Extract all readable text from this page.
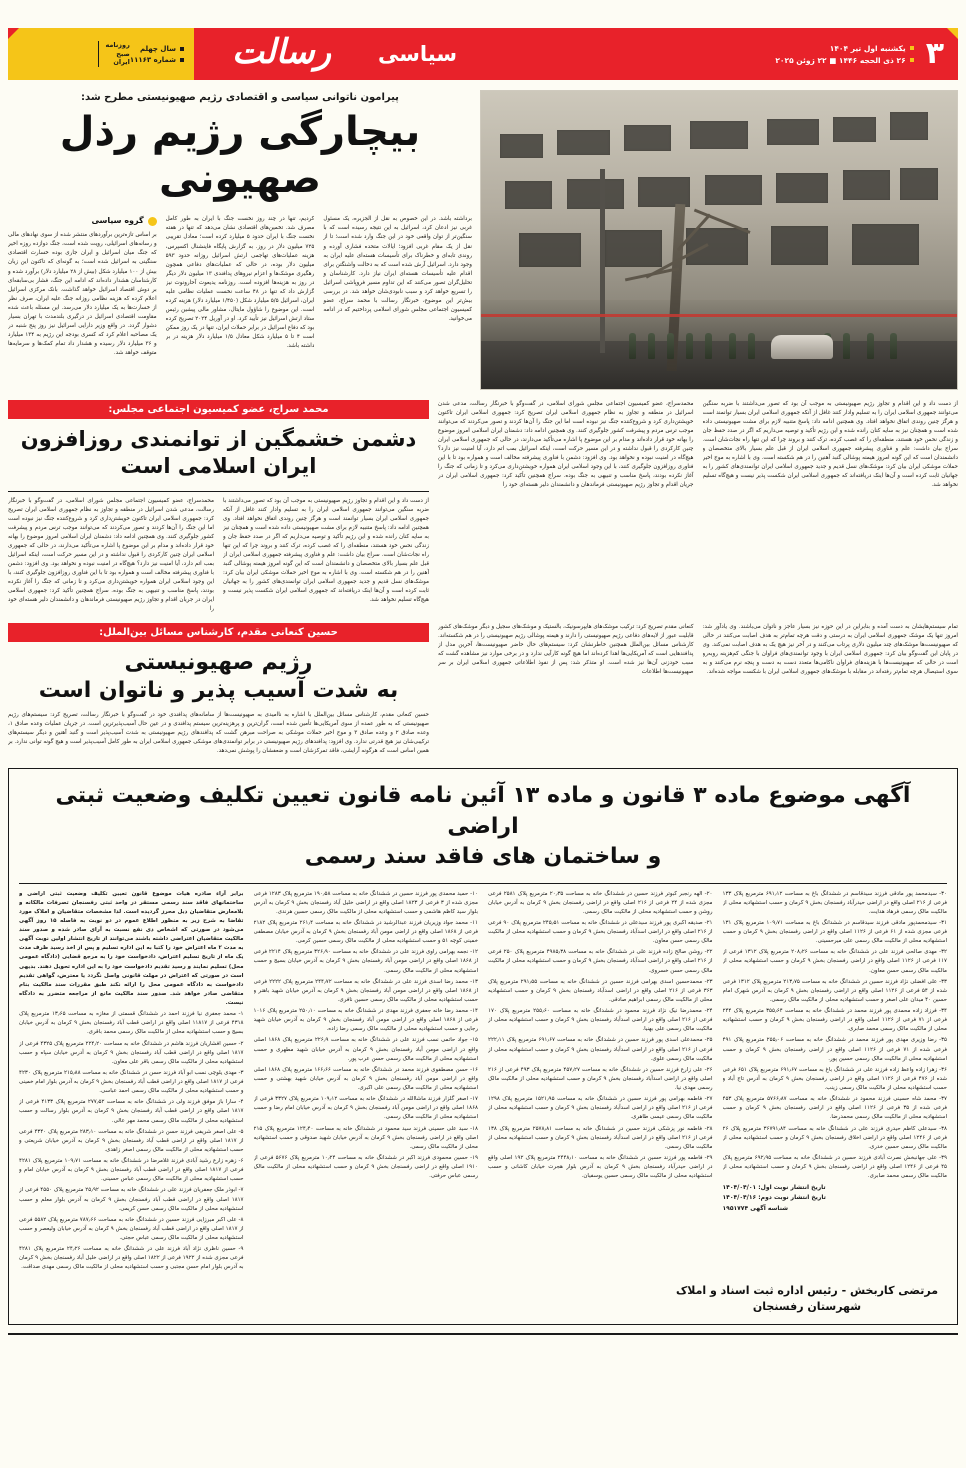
۳
یکشنبه اول تیر ۱۴۰۴
۲۶ ذی الحجه ۱۴۴۶ ■ ۲۲ ژوئن ۲۰۲۵
سیاسی
رسالت
سال چهلم
شماره ۱۱۱۶۳
روزنامه
صبح
ایران
پیرامون ناتوانی سیاسی و اقتصادی رژیم صهیونیستی مطرح شد:
بیچارگی رژیم رذل صهیونی
برداشته باشد. در این خصوص به نقل از الجزیره، یک مسئول غربی نیز ادعان کرد، اسرائیل به این نتیجه رسیده است که با سنگین‌تر از توان واقعی خود در این جنگ وارد شده است؛ تا از نقل از یک مقام غربی افزود؛ ایالات متحده فشاری آورده و روندی تابه‌ای و خطرناک برای تأسیسات هسته‌ای علیه ایران به وجود دارد. اسرائیل آرش شده است که به دخالت واشنگتن برای اقدام علیه تأسیسات هسته‌ای ایران نیاز دارد. کارشناسان و تحلیل‌گران تصور می‌کنند که این تداوم مسیر فروپاشی اسرائیل را تسریع خواهد کرد و سبب نابودی‌شان خواهد شد. در بررسی بیش‌تر این موضوع، خبرنگار رسالت با محمد سراج، عضو کمیسیون اجتماعی مجلس شورای اسلامی پرداختیم که در ادامه می‌خوانید.
کردیم، تنها در چند روز نخست جنگ با ایران به طور کامل مصرف شد. تخمین‌های اقتصادی نشان می‌دهد که تنها در هفته نخست جنگ با ایران حدود ۵ میلیارد کرده است؛ معادل تقریبی ۷۲۵ میلیون دلار در روز. به گزارش پایگاه فاینشنال اکسپرس، هزینه عملیات‌های تهاجمی ارتش اسرائیل روزانه حدود ۵۹۳ میلیون دلار بوده، در حالی که عملیات‌های دفاعی همچون رهگیری موشک‌ها و اعزام نیروهای پدافندی ۱۳ میلیون دلار دیگر در روز به هزینه‌ها افزوده است. روزنامه یدیعوت آحارونوت نیز گزارش داد که تنها در ۴۸ ساعت نخست عملیات نظامی علیه ایران، اسرائیل ۵/۵ میلیارد شکل (۱/۴۵۰ میلیارد دلار) هزینه کرده است. این موضوع را شاؤول مایتال، مشاور مالی پیشین رئیس ستاد ارتش اسرائیل نیز تأیید کرد. او در آوریل ۲۰۲۴ تصریح کرده بود که دفاع اسرائیل در برابر حملات ایران، تنها در یک روز ممکن است ۴ تا ۵ میلیارد شکل معادل ۱/۵ میلیارد دلار هزینه در بر داشته باشد.
گروه سیاسی
بر اساس تازه‌ترین برآوردهای منتشر شده از سوی نهادهای مالی و رسانه‌های اسرائیلی، رویت شده است، جنگ دوازده روزه اخیر که جنگ میان اسرائیل و ایران جاری بوده خسارت اقتصادی سنگینی به اسرائیل شده است؛ به گونه‌ای که تاکنون این زیان بیش از ۱۰۰ میلیارد شکل (بیش از ۲۸ میلیارد دلار) برآورد شده و کارشناسان هشدار داده‌اند که ادامه این جنگ، فشار بی‌سابقه‌ای بر دوش اقتصاد اسرائیل خواهد گذاشت. بانک مرکزی اسرائیل اعلام کرده که هزینه نظامی روزانه جنگ علیه ایران، صرف نظر از خسارت‌ها به یک میلیارد دلار می‌رسد. این مسئله باعث شده مقاومت اقتصادی اسرائیل در درگیری بلندمدت با تهران بسیار دشوار گردد. در واقع وزیر دارایی اسرائیل نیز روز پنج شنبه در یک مصاحبه اعلام کرد که کسری بودجه این رژیم به ۱۳۴ میلیارد و ۳۶ میلیارد دلار رسیده و هشدار داد تمام کمک‌ها و سرمایه‌ها متوقف خواهد شد.
از دست داد و این اقدام و تجاوز رژیم صهیونیستی به موجب آن بود که تصور می‌داشتند با ضربه سنگین می‌توانند جمهوری اسلامی ایران را به تسلیم وادار کنند غافل از آنکه جمهوری اسلامی ایران بسیار توانمند است و هرگز چنین روندی اتفاق نخواهد افتاد. وی همچنین ادامه داد: پاسخ متنبیه لازم برای مشت صهیونیستی داده شده است و همچنان نیز به سایه کنان رانده شده و این رژیم تأکید و توصیه می‌داریم که اگر در صدد حفظ جان و زندگی نحس خود هستند، منطقه‌ای را که غصب کرده، ترک کنند و بروند چرا که این تنها راه نجات‌شان است. سراج بیان داشت: علم و فناوری پیشرفته جمهوری اسلامی ایران از قبل علم بسیار بالای متخصصان و دانشمندان است که این گونه امروز هیمنه پوشالی گنبد آهنین را در هم شکسته است. وی با اشاره به موج اخیر حملات موشکی ایران بیان کرد: موشک‌های نسل قدیم و جدید جمهوری اسلامی ایران توانمندی‌های کشور را به جهانیان ثابت کرده است و آن‌ها اینک دریافته‌اند که جمهوری اسلامی ایران شکست پذیر نیست و هیچ‌گاه تسلیم نخواهد شد.
محمدسراج، عضو کمیسیون اجتماعی مجلس شورای اسلامی، در گفت‌وگو با خبرنگار رسالت، مدعی شدن اسرائیل در منطقه و تجاوز به نظام جمهوری اسلامی ایران تصریح کرد: جمهوری اسلامی ایران تاکنون خویشتن‌داری کرد و شروع‌کننده جنگ نیز نبوده است اما این جنگ را آن‌ها کردند و تصور می‌کردند که می‌توانند موجب ترس مردم و پیشرفت کشور جلوگیری کنند. وی همچنین ادامه داد: دشمنان ایران اسلامی امروز موضوع را بهانه خود قرار داده‌اند و مدام بر این موضوع پا اشاره می‌تأکید می‌دارند، در حالی که جمهوری اسلامی ایران چنین کارکردی را قبول نداشته و در این مسیر حرکت است، اینکه اسرائیل بمب اتم دارد، آیا امنیت نیز دارد؟ هیچ‌گاه در امنیت نبوده و نخواهد بود. وی افزود: دشمن با فناوری پیشرفته مخالف است و همواره بود تا با این فناوری روزافزون جلوگیری کنند، با این وجود اسلامی ایران همواره خویشتن‌داری می‌کرد و تا زمانی که جنگ را آغاز نکرده بودند، پاسخ مناسب و تنبیهی به جنگ بوده. سراج همچنین تأکید کرد: جمهوری اسلامی ایران در جریان اقدام و تجاوز رژیم صهیونیستی فرماندهان و دانشمندان دلیر هسته‌ای خود را
محمد سراج، عضو کمیسیون اجتماعی مجلس:
دشمن خشمگین از توانمندی روزافزون ایران اسلامی است
از دست داد و این اقدام و تجاوز رژیم صهیونیستی به موجب آن بود که تصور می‌داشتند با ضربه سنگین می‌توانند جمهوری اسلامی ایران را به تسلیم وادار کنند غافل از آنکه جمهوری اسلامی ایران بسیار توانمند است و هرگز چنین روندی اتفاق نخواهد افتاد. وی همچنین ادامه داد: پاسخ متنبیه لازم برای مشت صهیونیستی داده شده است و همچنان نیز به سایه کنان رانده شده و این رژیم تأکید و توصیه می‌داریم که اگر در صدد حفظ جان و زندگی نحس خود هستند، منطقه‌ای را که غصب کرده، ترک کنند و بروند چرا که این تنها راه نجات‌شان است. سراج بیان داشت: علم و فناوری پیشرفته جمهوری اسلامی ایران از قبل علم بسیار بالای متخصصان و دانشمندان است که این گونه امروز هیمنه پوشالی گنبد آهنین را در هم شکسته است. وی با اشاره به موج اخیر حملات موشکی ایران بیان کرد: موشک‌های نسل قدیم و جدید جمهوری اسلامی ایران توانمندی‌های کشور را به جهانیان ثابت کرده است و آن‌ها اینک دریافته‌اند که جمهوری اسلامی ایران شکست پذیر نیست و هیچ‌گاه تسلیم نخواهد شد.
محمدسراج، عضو کمیسیون اجتماعی مجلس شورای اسلامی، در گفت‌وگو با خبرنگار رسالت، مدعی شدن اسرائیل در منطقه و تجاوز به نظام جمهوری اسلامی ایران تصریح کرد: جمهوری اسلامی ایران تاکنون خویشتن‌داری کرد و شروع‌کننده جنگ نیز نبوده است اما این جنگ را آن‌ها کردند و تصور می‌کردند که می‌توانند موجب ترس مردم و پیشرفت کشور جلوگیری کنند. وی همچنین ادامه داد: دشمنان ایران اسلامی امروز موضوع را بهانه خود قرار داده‌اند و مدام بر این موضوع پا اشاره می‌تأکید می‌دارند، در حالی که جمهوری اسلامی ایران چنین کارکردی را قبول نداشته و در این مسیر حرکت است، اینکه اسرائیل بمب اتم دارد، آیا امنیت نیز دارد؟ هیچ‌گاه در امنیت نبوده و نخواهد بود. وی افزود: دشمن با فناوری پیشرفته مخالف است و همواره بود تا با این فناوری روزافزون جلوگیری کنند، با این وجود اسلامی ایران همواره خویشتن‌داری می‌کرد و تا زمانی که جنگ را آغاز نکرده بودند، پاسخ مناسب و تنبیهی به جنگ بوده. سراج همچنین تأکید کرد: جمهوری اسلامی ایران در جریان اقدام و تجاوز رژیم صهیونیستی فرماندهان و دانشمندان دلیر هسته‌ای خود را
تمام سیستم‌هایشان به دست آمده و بنابراین در این حوزه نیز بسیار عاجز و ناتوان می‌باشند. وی یادآور شد: امروز تنها یک موشک جمهوری اسلامی ایران به درستی و دقت هرچه تمام‌تر به هدف اصابت می‌کنند در حالی که صهیونیست‌ها موشک‌های چند میلیون دلاری پرتاب می‌کنند و در آخر نیز هیچ یک به هدف اصابت نمی‌کند. وی در پایان این گفت‌وگو بیان کرد: جمهوری اسلامی ایران با وجود توانمندی‌های فراوان با جنگی کم‌هزینه روبه‌رو است در حالی که صهیونیست‌ها با هزینه‌های فراوان ناکامی‌ها متعدد دست به دست و پنجه نرم می‌کنند و به سوی استیصال هرچه تمام‌تر رفته‌اند در مقابله با موشک‌های جمهوری اسلامی ایران با شکست مواجه شده‌اند.
کنعانی مقدم تصریح کرد: ترکیب موشک‌های هایپرسونیک، بالستیک و موشک‌های سجیل و دیگر موشک‌های کشور قابلیت عبور از لایه‌های دفاعی رژیم صهیونیستی را دارند و هیمنه پوشالی رژیم صهیونیستی را در هم شکسته‌اند. کارشناس مسائل بین‌الملل همچنین خاطرنشان کرد: سیستم‌های حال حاضر صهیونیست‌ها، آخرین مدل از پدافندهایی است که آمریکایی‌ها اهدا کرده‌اند اما هیچ گونه کارآیی ندارد و در برخی موارد نیز مشاهده گشت که سبب خودزنی آن‌ها نیز شده است. او متذکر شد: پس از نفوذ اطلاعاتی جمهوری اسلامی ایران بر سر صهیونیست‌ها اطلاعات
حسین کنعانی مقدم، کارشناس مسائل بین‌الملل:
رژیم صهیونیستی
به شدت آسیب پذیر و ناتوان است
حسین کنعانی مقدم، کارشناس مسائل بین‌الملل با اشاره به ناامیدی به صهیونیست‌ها از سامانه‌های پدافندی خود در گفت‌وگو با خبرنگار رسالت، تصریح کرد: سیستم‌های رژیم صهیونیستی که به طور عمده از سوی آمریکایی‌ها تأمین شده است، گران‌ترین و پرهزینه‌ترین سیستم پدافندی و در عین حال آسیب‌پذیرترین است. در جریان عملیات وعده صادق ۱، وعده صادق ۲ و وعده صادق ۳ و موج اخیر حملات موشکی به صراحت مبرهن گشت که پدافندهای رژیم صهیونیستی به شدت آسیب‌پذیر است و گنبد آهنین و دیگر سیستم‌های ترکیبی‌شان نیز هیچ قدرتی ندارد. وی افزود: پدافندهای رژیم صهیونیستی در برابر توانمندی‌های موشکی جمهوری اسلامی ایران به طور کامل آسیب‌پذیر است و هیچ گونه توانی ندارد. بر همین اساس است که هرگونه آرایشی، فاقد تمرکزشان است و ضعفشان را پوشش نمی‌دهد.
آگهی موضوع ماده ۳ قانون و ماده ۱۳ آئین نامه قانون تعیین تکلیف وضعیت ثبتی اراضی
و ساختمان های فاقد سند رسمی

۳۰- سیدمحمد پور مادقی فرزند سیدقاسم در ششدانگ باغ به مساحت ۶۹۱٫۱۲ مترمربع پلاک ۱۳۳ فرعی از ۲۱۶ اصلی واقع در اراضی حیدرآباد رفسنجان بخش ۹ کرمان و حسب استشهادیه محلی از مالکیت مالک رسمی فرهاد هدایت.

۳۱- سیدمحمدپور مادقی فرزند سیدقاسم در ششدانگ باغ به مساحت ۱۰۹٫۷۱ مترمربع پلاک ۱۳۱ فرعی مجزی شده از ۶۱ فرعی از ۱۱۲۶ اصلی واقع در اراضی رفسنجان بخش ۹ کرمان و حسب استشهادیه محلی از مالکیت مالک رسمی علی میرحسینی.

۳۲- مهدی صالحی فرزند علی در ششدانگ خانه به مساحت ۲۰۸٫۲۶ مترمربع پلاک ۱۳۱۲ فرعی از ۱۱۷ فرعی از ۱۱۲۶ اصلی واقع در اراضی رفسنجان بخش ۹ کرمان و حسب استشهادیه محلی از مالکیت مالک رسمی حسن معاون.

۳۳- علی افضلی نژاد فرزند حسین در ششدانگ خانه به مساحت ۲۱۳٫۷۵ مترمربع پلاک ۱۳۱۲ فرعی شده از ۵۴ فرعی از ۱۱۲۶ اصلی واقع در اراضی رفسنجان بخش ۹ کرمان به آدرس شهرک امام حسین ۴۰ میدان علی اصغر و حسب استشهادیه محلی از مالکیت مالک رسمی.

۳۴- فرزاد زاده محمدی پور فرزند محمد در ششدانگ خانه به مساحت ۳۵۵٫۶۴ مترمربع پلاک ۲۴۴ فرعی از ۷۱ فرعی از ۱۱۲۶ اصلی واقع در اراضی رفسنجان بخش ۹ کرمان و حسب استشهادیه محلی از مالکیت مالک رسمی محمد صابری.

۳۵- رضا وزیری مهدی پور فرزند محمد در ششدانگ خانه به مساحت ۲۵۵٫۰۶ مترمربع پلاک ۴۹۱ فرعی شده از ۷۱ فرعی از ۱۱۲۶ اصلی واقع در اراضی رفسنجان بخش ۹ کرمان و حسب استشهادیه محلی از مالکیت مالک رسمی حسین پور.

۳۶- زهرا زاده واعظ زاده فرزند علی در ششدانگ باغ به مساحت ۶۹۱٫۶۷ مترمربع پلاک ۶۵۱ فرعی شده از ۴۷۶ فرعی از ۱۱۲۶ اصلی واقع در اراضی رفسنجان بخش ۹ کرمان به آدرس تاج آباد و حسب استشهادیه محلی از مالکیت مالک رسمی زینب.

۳۷- محمد شاه حسینی فرزند محمود در ششدانگ خانه به مساحت ۵۷۶۶٫۸۷ مترمربع پلاک ۴۵۳ فرعی شده از ۳۵ فرعی از ۱۱۲۶ اصلی واقع در اراضی رفسنجان بخش ۹ کرمان و حسب استشهادیه محلی از مالکیت مالک رسمی محمدرضا.

۳۸- سیدعلی کاظم حیدری فرزند علی در ششدانگ خانه به مساحت ۳۶۷۹۱٫۸۴ مترمربع پلاک ۲۶ فرعی از ۱۲۴۶ اصلی واقع در اراضی اخلاق رفسنجان بخش ۹ کرمان و حسب استشهادیه محلی از مالکیت مالک رسمی حسین خدری.

۳۹- علی جهانبخش نصرت آبادی فرزند حسین در ششدانگ خانه به مساحت ۶۹۲٫۹۵ مترمربع پلاک ۴۵ فرعی از ۱۲۴۶ اصلی واقع در اراضی رفسنجان بخش ۹ کرمان و حسب استشهادیه محلی از مالکیت مالک رسمی محمد صابری.

تاریخ انتشار نوبت اول: ۱۴۰۴/۰۴/۰۱
تاریخ انتشار نوبت دوم: ۱۴۰۴/۰۴/۱۶
شناسه آگهی ۱۹۵۱۷۷۴

۲۰- الهه رنجبر کبوتر فرزند حسین در ششدانگ خانه به مساحت ۲۰٫۳۵ مترمربع پلاک ۲۵۸۱ فرعی مجزی شده از ۲۴ فرعی از ۲۱۶ اصلی واقع در اراضی رفسنجان بخش ۹ کرمان به آدرس خیابان روشن و حسب استشهادیه محلی از مالکیت مالک رسمی.

۲۱- صدیقه اکبری پور فرزند سیدعلی در ششدانگ خانه به مساحت ۲۴۵٫۵۱ مترمربع پلاک ۹۰ فرعی از ۲۱۶ اصلی واقع در اراضی اسدآباد رفسنجان بخش ۹ کرمان و حسب استشهادیه محلی از مالکیت مالک رسمی حسن معاون.

۲۲- روشن صالح زاده فرزند علی در ششدانگ خانه به مساحت ۴۹۸۵٫۳۸ مترمربع پلاک ۲۵۰ فرعی از ۲۱۶ اصلی واقع در اراضی اسدآباد رفسنجان بخش ۹ کرمان و حسب استشهادیه محلی از مالکیت مالک رسمی حسن خسروی.

۲۳- محمدحسین اسدی بهرامی فرزند حسین در ششدانگ خانه به مساحت ۲۹۱٫۵۵ مترمربع پلاک ۳۶۳ فرعی از ۲۱۶ اصلی واقع در اراضی اسدآباد رفسنجان بخش ۹ کرمان و حسب استشهادیه محلی از مالکیت مالک رسمی ابراهیم صادقی.

۲۴- محمدرضا نیک نژاد فرزند محمود در ششدانگ خانه به مساحت ۲۵۵٫۶۰ مترمربع پلاک ۱۷۰ فرعی از ۲۱۶ اصلی واقع در اراضی اسدآباد رفسنجان بخش ۹ کرمان و حسب استشهادیه محلی از مالکیت مالک رسمی علی بهنیا.

۲۵- محمدعلی اسدی پور فرزند حسین در ششدانگ خانه به مساحت ۶۹۱٫۶۷ مترمربع پلاک ۲۲۲٫۱۱ فرعی از ۲۱۶ اصلی واقع در اراضی اسدآباد رفسنجان بخش ۹ کرمان و حسب استشهادیه محلی از مالکیت مالک رسمی علوی.

۲۶- علی زارع فرزند حسین در ششدانگ خانه به مساحت ۴۵۷٫۲۷ مترمربع پلاک ۴۹۳ فرعی از ۲۱۶ اصلی واقع در اراضی اسدآباد رفسنجان بخش ۹ کرمان و حسب استشهادیه محلی از مالکیت مالک رسمی مهدی نیا.

۲۷- فاطمه بهرامی پور فرزند حسین در ششدانگ خانه به مساحت ۱۵۲۱٫۹۵ مترمربع پلاک ۱۲۹۸ فرعی از ۲۱۶ اصلی واقع در اراضی اسدآباد رفسنجان بخش ۹ کرمان و حسب استشهادیه محلی از مالکیت مالک رسمی عیسی طاهری.

۲۸- فاطمه نور پزشکی فرزند حسین در ششدانگ خانه به مساحت ۲۵۷۸٫۸۱ مترمربع پلاک ۱۳۸ فرعی از ۲۱۶ اصلی واقع در اراضی اسدآباد رفسنجان بخش ۹ کرمان و حسب استشهادیه محلی از مالکیت مالک رسمی.

۲۹- فاطمه پور فرزند حسین در ششدانگ خانه به مساحت ۲۴۴۸٫۱۰ مترمربع پلاک ۱۹۲ اصلی واقع در اراضی حیدرآباد رفسنجان بخش ۹ کرمان به آدرس بلوار هجرت خیابان کاشانی و حسب استشهادیه محلی از مالکیت مالک رسمی حسین یوسفیان.

۱۰- حمید محمدی پور فرزند حسین در ششدانگ خانه به مساحت ۱۹۰٫۵۸ مترمربع پلاک ۱۲۸۳ فرعی مجزی شده از ۳ فرعی از ۱۸۲۳ اصلی واقع در اراضی خلیل آباد رفسنجان بخش ۹ کرمان به آدرس بلوار سید کاظم هاشمی و حسب استشهادیه محلی از مالکیت مالک رسمی حسین هرندی.

۱۱- محمد جواد وزیریان فرزند عبدالرشید در ششدانگ خانه به مساحت ۲۶۱٫۴ مترمربع پلاک ۲۱۸۲ فرعی از ۱۸۶۸ اصلی واقع در اراضی مومن آباد رفسنجان بخش ۹ کرمان به آدرس خیابان مصطفی خمینی کوچه ۵۱ و حسب استشهادیه محلی از مالکیت مالک رسمی حسین کرمی.

۱۲- نجمه بهرامی راوی فرزند علی در ششدانگ خانه به مساحت ۳۲۶٫۹۰ مترمربع پلاک ۲۲۱۴ فرعی از ۱۸۶۸ اصلی واقع در اراضی مومن آباد رفسنجان بخش ۹ کرمان به آدرس خیابان بسیج و حسب استشهادیه محلی از مالکیت مالک رسمی.

۱۳- محمد رضا اسدی فرزند علی در ششدانگ خانه به مساحت ۲۴۴٫۷۲ مترمربع پلاک ۲۲۲۲ فرعی از ۱۸۶۸ اصلی واقع در اراضی مومن آباد رفسنجان بخش ۹ کرمان به آدرس خیابان شهید باهنر و حسب استشهادیه محلی از مالکیت مالک رسمی حسین نافری.

۱۴- محمد رضا خانه جعفری فرزند مهدی در ششدانگ خانه به مساحت ۲۵۰٫۱۰ مترمربع پلاک ۱۰۱۶ فرعی از ۱۸۶۸ اصلی واقع در اراضی مومن آباد رفسنجان بخش ۹ کرمان به آدرس خیابان شهید رجایی و حسب استشهادیه محلی از مالکیت مالک رسمی رضا زاده.

۱۵- جواد حاتمی نسب فرزند علی در ششدانگ خانه به مساحت ۲۲۶٫۹ مترمربع پلاک ۱۸۶۸ اصلی واقع در اراضی مومن آباد رفسنجان بخش ۹ کرمان به آدرس خیابان شهید مطهری و حسب استشهادیه محلی از مالکیت مالک رسمی حسن عرب پور.

۱۶- حسن مصطفوی فرزند محمد در ششدانگ خانه به مساحت ۱۶۶٫۶۶ مترمربع پلاک ۱۸۶۸ اصلی واقع در اراضی مومن آباد رفسنجان بخش ۹ کرمان به آدرس خیابان شهید بهشتی و حسب استشهادیه محلی از مالکیت مالک رسمی علی اکبری.

۱۷- اصغر گلزار فرزند ماشاالله در ششدانگ خانه به مساحت ۱۰۹٫۱۲ مترمربع پلاک ۳۳۲۷ فرعی از ۱۸۶۸ اصلی واقع در اراضی مومن آباد رفسنجان بخش ۹ کرمان به آدرس خیابان امام رضا و حسب استشهادیه محلی از مالکیت مالک رسمی.

۱۸- سید علی حسینی فرزند سید محمود در ششدانگ خانه به مساحت ۱۲۴٫۴۰ مترمربع پلاک ۲۱۵ اصلی واقع در اراضی رفسنجان بخش ۹ کرمان به آدرس خیابان شهید صدوقی و حسب استشهادیه محلی از مالکیت مالک رسمی.

۱۹- حسین محمودی فرزند اکبر در ششدانگ خانه به مساحت ۱۰٫۲۴ مترمربع پلاک ۵۶۷۶ فرعی از ۱۹۱۰ اصلی واقع در اراضی رفسنجان بخش ۹ کرمان و حسب استشهادیه محلی از مالکیت مالک رسمی عباس حرفتی.

برابر آراء صادره هیات موضوع قانون تعیین تکلیف وضعیت ثبتی اراضی و ساختمانهای فاقد سند رسمی مستقر در واحد ثبتی رفسنجان تصرفات مالکانه و بلامعارض متقاضیان ذیل محرز گردیده است. لذا مشخصات متقاضیان و املاک مورد تقاضا به شرح زیر به منظور اطلاع عموم در دو نوبت به فاصله ۱۵ روز آگهی می‌شود در صورتی که اشخاص ذی نفع نسبت به آرای صادر شده و صدور سند مالکیت متقاضیان اعتراضی داشته باشند می‌توانند از تاریخ انتشار اولین نوبت آگهی به مدت ۲ ماه اعتراض خود را کتبا به این اداره تسلیم و پس از اخذ رسید ظرف مدت یک ماه از تاریخ تسلیم اعتراض، دادخواست خود را به مرجع قضایی (دادگاه عمومی محل) تسلیم نمایند و رسید تقدیم دادخواست خود را به این اداره تحویل دهند. بدیهی است در صورتی که اعتراض در مهلت قانونی واصل نگردد یا معترض، گواهی تقدیم دادخواست به دادگاه عمومی محل را ارائه نکند طبق مقررات سند مالکیت بنام متقاضی صادر خواهد شد. صدور سند مالکیت مانع از مراجعه متضرر به دادگاه نیست.

۱- محمد جعفری نیا فرزند احمد در ششدانگ قسمتی از مغازه به مساحت ۱۳٫۶۵ مترمربع پلاک ۴۳۱۸ فرعی از ۱۱۸۱۷ اصلی واقع در اراضی قطب آباد رفسنجان بخش ۹ کرمان به آدرس خیابان بسیج و حسب استشهادیه محلی از مالکیت مالک رسمی محمد باقری.

۲- حسین افشاریان فرزند هاشم در ششدانگ خانه به مساحت ۲۲۴٫۲۰ مترمربع پلاک ۴۳۲۵ فرعی از ۱۸۱۷ اصلی واقع در اراضی قطب آباد رفسنجان بخش ۹ کرمان به آدرس خیابان سپاه و حسب استشهادیه محلی از مالکیت مالک رسمی باقر علی معاون.

۳- مهدی یلوچی نسب ابو آباد فرزند حسن در ششدانگ خانه به مساحت ۲۱۵٫۸۸ مترمربع پلاک ۴۲۳۰ فرعی از ۱۸۱۷ اصلی واقع در اراضی قطب آباد رفسنجان بخش ۹ کرمان به آدرس بلوار امام خمینی و حسب استشهادیه محلی از مالکیت مالک رسمی احمد عباسی.

۴- سارا باز موفق فرزند ولی در ششدانگ خانه به مساحت ۲۷۷٫۵۲ مترمربع پلاک ۴۱۳۳ فرعی از ۱۸۱۷ اصلی واقع در اراضی قطب آباد رفسنجان بخش ۹ کرمان به آدرس بلوار رسالت و حسب استشهادیه محلی از مالکیت مالک رسمی محمد مهر عالی.

۵- علی اصغر شریفی فرزند حسن در ششدانگ خانه به مساحت ۲۸۳٫۱۰ مترمربع پلاک ۴۳۴۰ فرعی از ۱۸۱۷ اصلی واقع در اراضی قطب آباد رفسنجان بخش ۹ کرمان به آدرس خیابان شریعتی و حسب استشهادیه محلی از مالکیت مالک رسمی اصغر زاهدی.

۶- زهره زارع رشید آبادی فرزند غلامرضا در ششدانگ خانه به مساحت ۱۰۹٫۷۱ مترمربع پلاک ۴۲۸۱ فرعی از ۱۸۱۷ اصلی واقع در اراضی قطب آباد رفسنجان بخش ۹ کرمان به آدرس خیابان امام و حسب استشهادیه محلی از مالکیت مالک رسمی عباس حسینی.

۷- ابوذر ملک جعفریان فرزند علی در ششدانگ خانه به مساحت ۲۵٫۹۲ مترمربع پلاک ۴۵۵۰ فرعی از ۱۸۱۷ اصلی واقع در اراضی قطب آباد رفسنجان بخش ۹ کرمان به آدرس بلوار معلم و حسب استشهادیه محلی از مالکیت مالک رسمی حسن کریمی.

۸- علی اکبر میرزایی فرزند حسین در ششدانگ خانه به مساحت ۷۸۷٫۶۶ مترمربع پلاک ۵۵۸۲ فرعی از ۱۸۱۷ اصلی واقع در اراضی قطب آباد رفسنجان بخش ۹ کرمان به آدرس خیابان ولیعصر و حسب استشهادیه محلی از مالکیت مالک رسمی عباس حجتی.

۹- حسین ناظری نژاد آباد فرزند علی در ششدانگ خانه به مساحت ۲۴٫۲۶ مترمربع پلاک ۴۲۸۱ فرعی مجزی شده از ۱۹۲۲ فرعی از ۱۸۲۲ اصلی واقع در اراضی خلیل آباد رفسنجان بخش ۹ کرمان به آدرس بلوار امام حسن مجتبی و حسب استشهادیه محلی از مالکیت مالک رسمی مهدی صداقت.

مرتضی کاربخش - رئیس اداره ثبت اسناد و املاک
شهرستان رفسنجان
